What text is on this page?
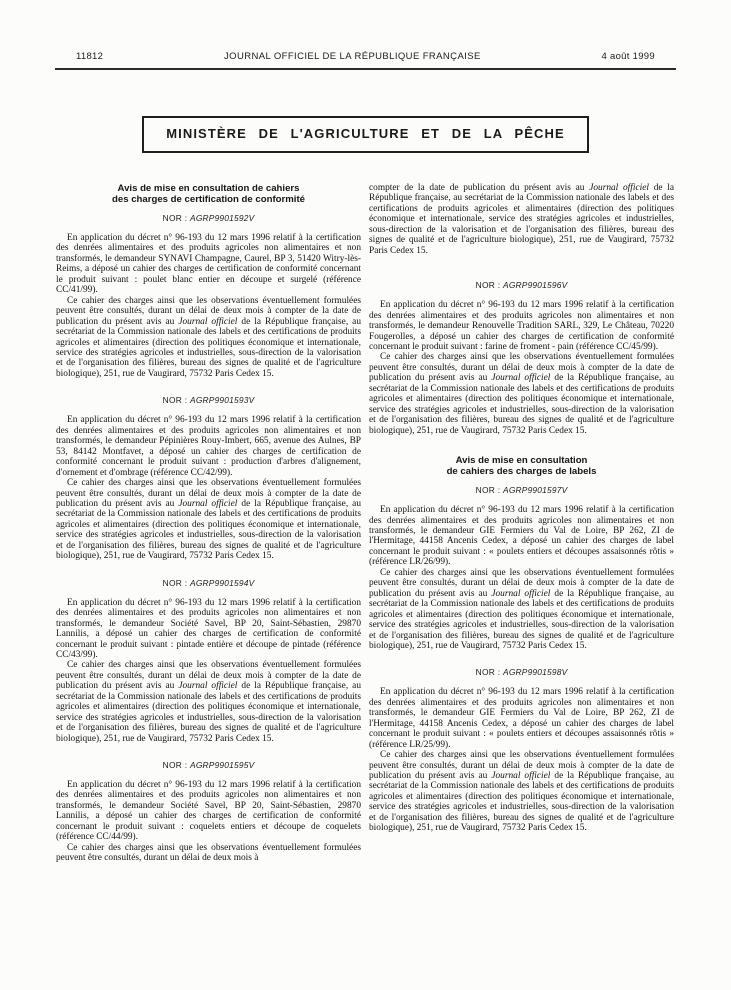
11812	JOURNAL OFFICIEL DE LA RÉPUBLIQUE FRANÇAISE	4 août 1999
MINISTÈRE DE L'AGRICULTURE ET DE LA PÊCHE
Avis de mise en consultation de cahiers
des charges de certification de conformité

NOR : AGRP9901592V

En application du décret n° 96-193 du 12 mars 1996 relatif à la certification des denrées alimentaires et des produits agricoles non alimentaires et non transformés, le demandeur SYNAVI Champagne, Caurel, BP 3, 51420 Witry-lès-Reims, a déposé un cahier des charges de certification de conformité concernant le produit suivant : poulet blanc entier en découpe et surgelé (référence CC/41/99).

Ce cahier des charges ainsi que les observations éventuellement formulées peuvent être consultés, durant un délai de deux mois à compter de la date de publication du présent avis au Journal officiel de la République française, au secrétariat de la Commission nationale des labels et des certifications de produits agricoles et alimentaires (direction des politiques économique et internationale, service des stratégies agricoles et industrielles, sous-direction de la valorisation et de l'organisation des filières, bureau des signes de qualité et de l'agriculture biologique), 251, rue de Vaugirard, 75732 Paris Cedex 15.

NOR : AGRP9901593V

En application du décret n° 96-193 du 12 mars 1996 relatif à la certification des denrées alimentaires et des produits agricoles non alimentaires et non transformés, le demandeur Pépinières Rouy-Imbert, 665, avenue des Aulnes, BP 53, 84142 Montfavet, a déposé un cahier des charges de certification de conformité concernant le produit suivant : production d'arbres d'alignement, d'ornement et d'ombrage (référence CC/42/99).

Ce cahier des charges ainsi que les observations éventuellement formulées peuvent être consultés, durant un délai de deux mois à compter de la date de publication du présent avis au Journal officiel de la République française, au secrétariat de la Commission nationale des labels et des certifications de produits agricoles et alimentaires (direction des politiques économique et internationale, service des stratégies agricoles et industrielles, sous-direction de la valorisation et de l'organisation des filières, bureau des signes de qualité et de l'agriculture biologique), 251, rue de Vaugirard, 75732 Paris Cedex 15.

NOR : AGRP9901594V

En application du décret n° 96-193 du 12 mars 1996 relatif à la certification des denrées alimentaires et des produits agricoles non alimentaires et non transformés, le demandeur Société Savel, BP 20, Saint-Sébastien, 29870 Lannilis, a déposé un cahier des charges de certification de conformité concernant le produit suivant : pintade entière et découpe de pintade (référence CC/43/99).

Ce cahier des charges ainsi que les observations éventuellement formulées peuvent être consultés, durant un délai de deux mois à compter de la date de publication du présent avis au Journal officiel de la République française, au secrétariat de la Commission nationale des labels et des certifications de produits agricoles et alimentaires (direction des politiques économique et internationale, service des stratégies agricoles et industrielles, sous-direction de la valorisation et de l'organisation des filières, bureau des signes de qualité et de l'agriculture biologique), 251, rue de Vaugirard, 75732 Paris Cedex 15.

NOR : AGRP9901595V

En application du décret n° 96-193 du 12 mars 1996 relatif à la certification des denrées alimentaires et des produits agricoles non alimentaires et non transformés, le demandeur Société Savel, BP 20, Saint-Sébastien, 29870 Lannilis, a déposé un cahier des charges de certification de conformité concernant le produit suivant : coquelets entiers et découpe de coquelets (référence CC/44/99).

Ce cahier des charges ainsi que les observations éventuellement formulées peuvent être consultés, durant un délai de deux mois à

compter de la date de publication du présent avis au Journal officiel de la République française, au secrétariat de la Commission nationale des labels et des certifications de produits agricoles et alimentaires (direction des politiques économique et internationale, service des stratégies agricoles et industrielles, sous-direction de la valorisation et de l'organisation des filières, bureau des signes de qualité et de l'agriculture biologique), 251, rue de Vaugirard, 75732 Paris Cedex 15.

NOR : AGRP9901596V

En application du décret n° 96-193 du 12 mars 1996 relatif à la certification des denrées alimentaires et des produits agricoles non alimentaires et non transformés, le demandeur Renouvelle Tradition SARL, 329, Le Château, 70220 Fougerolles, a déposé un cahier des charges de certification de conformité concernant le produit suivant : farine de froment - pain (référence CC/45/99).

Ce cahier des charges ainsi que les observations éventuellement formulées peuvent être consultés, durant un délai de deux mois à compter de la date de publication du présent avis au Journal officiel de la République française, au secrétariat de la Commission nationale des labels et des certifications de produits agricoles et alimentaires (direction des politiques économique et internationale, service des stratégies agricoles et industrielles, sous-direction de la valorisation et de l'organisation des filières, bureau des signes de qualité et de l'agriculture biologique), 251, rue de Vaugirard, 75732 Paris Cedex 15.

Avis de mise en consultation
de cahiers des charges de labels

NOR : AGRP9901597V

En application du décret n° 96-193 du 12 mars 1996 relatif à la certification des denrées alimentaires et des produits agricoles non alimentaires et non transformés, le demandeur GIE Fermiers du Val de Loire, BP 262, ZI de l'Hermitage, 44158 Ancenis Cedex, a déposé un cahier des charges de label concernant le produit suivant : « poulets entiers et découpes assaisonnés rôtis » (référence LR/26/99).

Ce cahier des charges ainsi que les observations éventuellement formulées peuvent être consultés, durant un délai de deux mois à compter de la date de publication du présent avis au Journal officiel de la République française, au secrétariat de la Commission nationale des labels et des certifications de produits agricoles et alimentaires (direction des politiques économique et internationale, service des stratégies agricoles et industrielles, sous-direction de la valorisation et de l'organisation des filières, bureau des signes de qualité et de l'agriculture biologique), 251, rue de Vaugirard, 75732 Paris Cedex 15.

NOR : AGRP9901598V

En application du décret n° 96-193 du 12 mars 1996 relatif à la certification des denrées alimentaires et des produits agricoles non alimentaires et non transformés, le demandeur GIE Fermiers du Val de Loire, BP 262, ZI de l'Hermitage, 44158 Ancenis Cedex, a déposé un cahier des charges de label concernant le produit suivant : « poulets entiers et découpes assaisonnés rôtis » (référence LR/25/99).

Ce cahier des charges ainsi que les observations éventuellement formulées peuvent être consultés, durant un délai de deux mois à compter de la date de publication du présent avis au Journal officiel de la République française, au secrétariat de la Commission nationale des labels et des certifications de produits agricoles et alimentaires (direction des politiques économique et internationale, service des stratégies agricoles et industrielles, sous-direction de la valorisation et de l'organisation des filières, bureau des signes de qualité et de l'agriculture biologique), 251, rue de Vaugirard, 75732 Paris Cedex 15.
